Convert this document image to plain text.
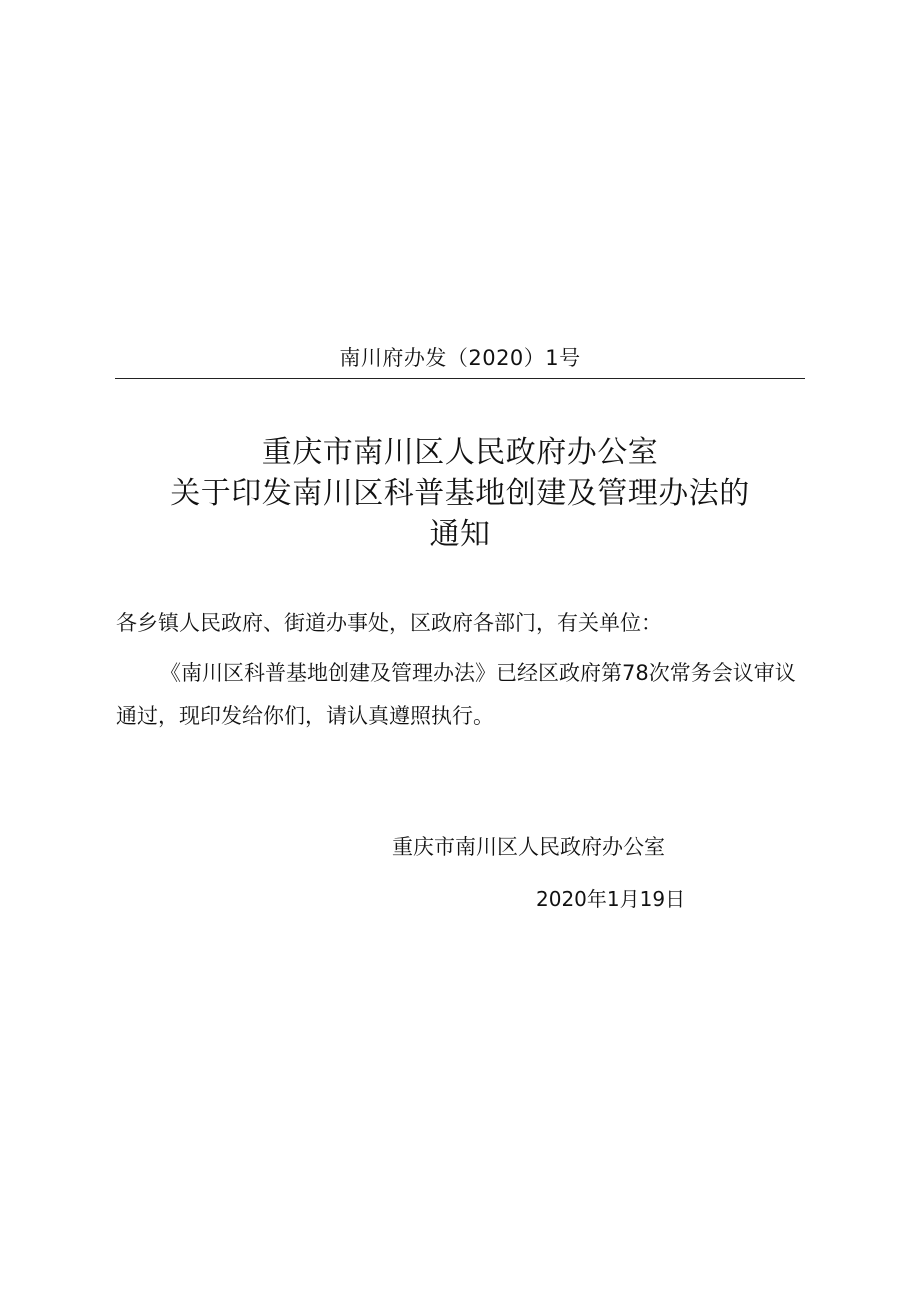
南川府办发（2020）1号
重庆市南川区人民政府办公室
关于印发南川区科普基地创建及管理办法的
通知
各乡镇人民政府、街道办事处，区政府各部门，有关单位：

《南川区科普基地创建及管理办法》已经区政府第78次常务会议审议通过，现印发给你们，请认真遵照执行。

重庆市南川区人民政府办公室
2020年1月19日
